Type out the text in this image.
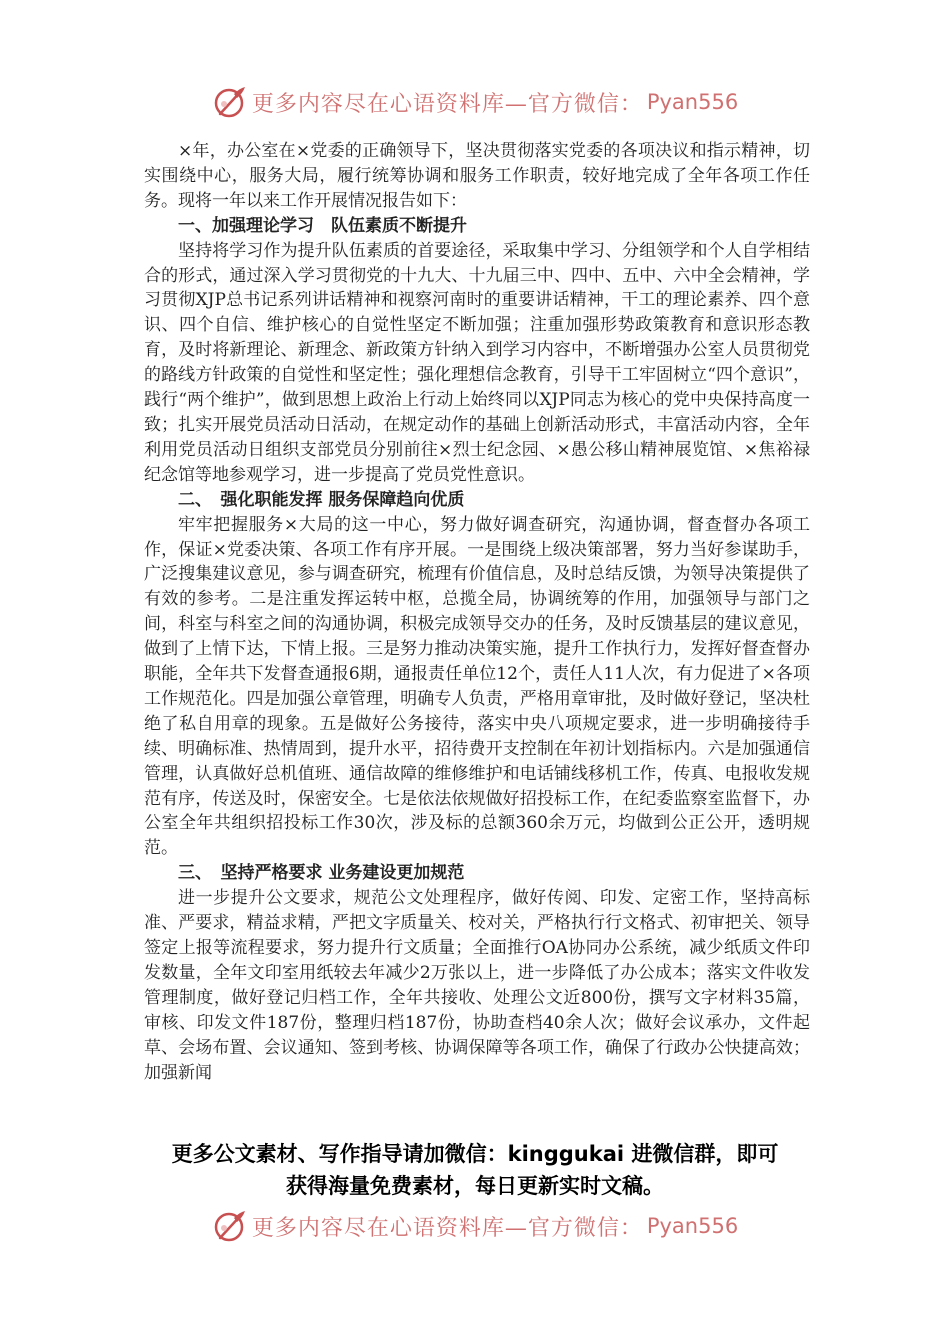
更多内容尽在心语资料库—官方微信： Pyan556

×年，办公室在×党委的正确领导下，坚决贯彻落实党委的各项决议和指示精神，切实围绕中心，服务大局，履行统筹协调和服务工作职责，较好地完成了全年各项工作任务。现将一年以来工作开展情况报告如下：

一、加强理论学习　队伍素质不断提升

坚持将学习作为提升队伍素质的首要途径，采取集中学习、分组领学和个人自学相结合的形式，通过深入学习贯彻党的十九大、十九届三中、四中、五中、六中全会精神，学习贯彻XJP总书记系列讲话精神和视察河南时的重要讲话精神，干工的理论素养、四个意识、四个自信、维护核心的自觉性坚定不断加强；注重加强形势政策教育和意识形态教育，及时将新理论、新理念、新政策方针纳入到学习内容中，不断增强办公室人员贯彻党的路线方针政策的自觉性和坚定性；强化理想信念教育，引导干工牢固树立“四个意识”，践行“两个维护”，做到思想上政治上行动上始终同以XJP同志为核心的党中央保持高度一致；扎实开展党员活动日活动，在规定动作的基础上创新活动形式，丰富活动内容，全年利用党员活动日组织支部党员分别前往×烈士纪念园、×愚公移山精神展览馆、×焦裕禄纪念馆等地参观学习，进一步提高了党员党性意识。

二、　强化职能发挥 服务保障趋向优质

牢牢把握服务×大局的这一中心，努力做好调查研究，沟通协调，督查督办各项工作，保证×党委决策、各项工作有序开展。一是围绕上级决策部署，努力当好参谋助手，广泛搜集建议意见，参与调查研究，梳理有价值信息，及时总结反馈，为领导决策提供了有效的参考。二是注重发挥运转中枢，总揽全局，协调统筹的作用，加强领导与部门之间，科室与科室之间的沟通协调，积极完成领导交办的任务，及时反馈基层的建议意见，做到了上情下达，下情上报。三是努力推动决策实施，提升工作执行力，发挥好督查督办职能，全年共下发督查通报6期，通报责任单位12个，责任人11人次，有力促进了×各项工作规范化。四是加强公章管理，明确专人负责，严格用章审批，及时做好登记，坚决杜绝了私自用章的现象。五是做好公务接待，落实中央八项规定要求，进一步明确接待手续、明确标准、热情周到，提升水平，招待费开支控制在年初计划指标内。六是加强通信管理，认真做好总机值班、通信故障的维修维护和电话铺线移机工作，传真、电报收发规范有序，传送及时，保密安全。七是依法依规做好招投标工作，在纪委监察室监督下，办公室全年共组织招投标工作30次，涉及标的总额360余万元，均做到公正公开，透明规范。

三、　坚持严格要求 业务建设更加规范

进一步提升公文要求，规范公文处理程序，做好传阅、印发、定密工作，坚持高标准、严要求，精益求精，严把文字质量关、校对关，严格执行行文格式、初审把关、领导签定上报等流程要求，努力提升行文质量；全面推行OA协同办公系统，减少纸质文件印发数量，全年文印室用纸较去年减少2万张以上，进一步降低了办公成本；落实文件收发管理制度，做好登记归档工作，全年共接收、处理公文近800份，撰写文字材料35篇，审核、印发文件187份，整理归档187份，协助查档40余人次；做好会议承办，文件起草、会场布置、会议通知、签到考核、协调保障等各项工作，确保了行政办公快捷高效；加强新闻

更多公文素材、写作指导请加微信：kinggukai 进微信群，即可
获得海量免费素材，每日更新实时文稿。
更多内容尽在心语资料库—官方微信： Pyan556
